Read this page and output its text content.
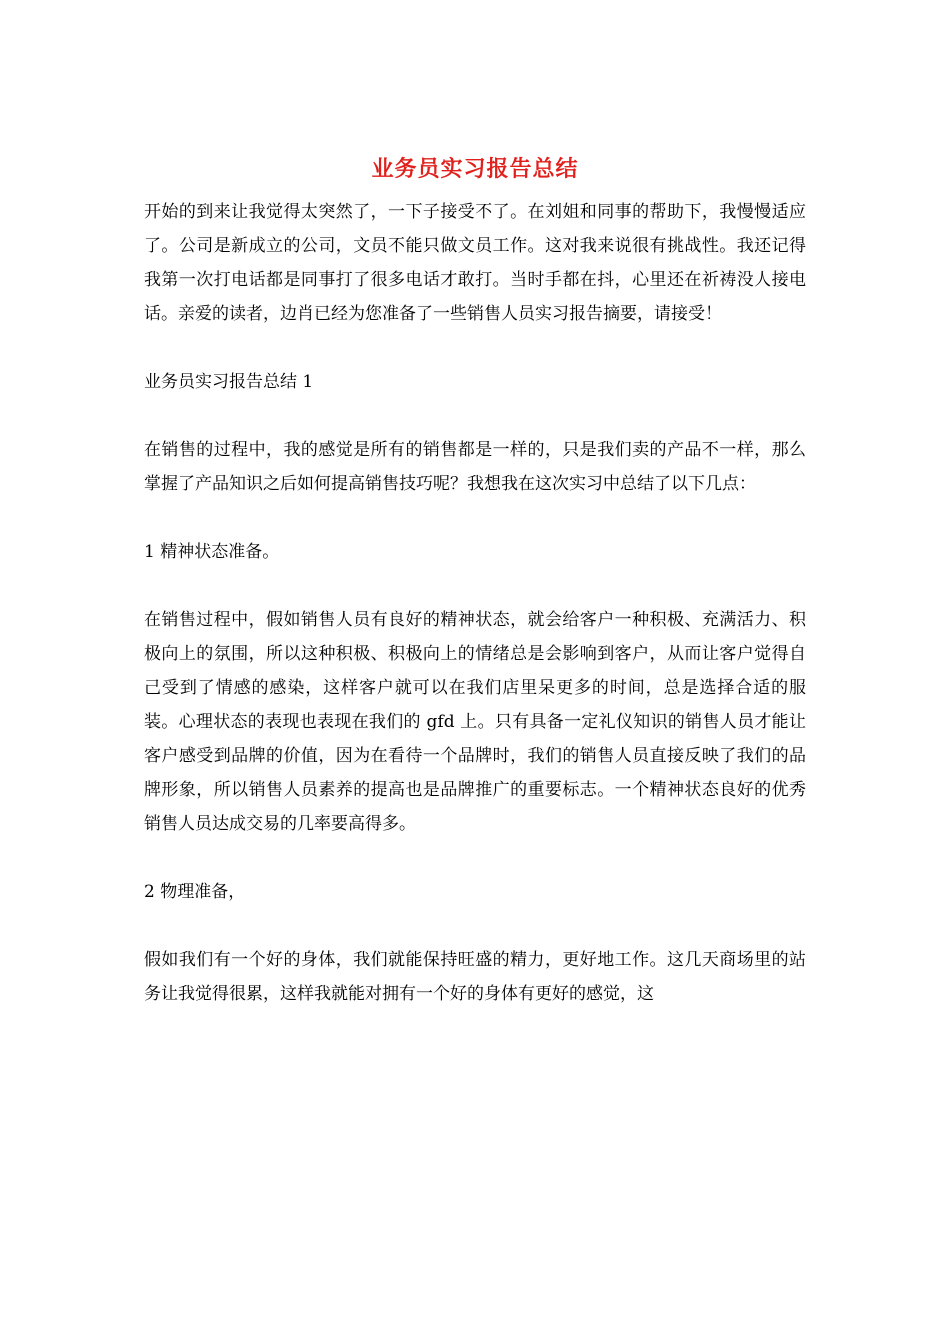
业务员实习报告总结

开始的到来让我觉得太突然了，一下子接受不了。在刘姐和同事的帮助下，我慢慢适应了。公司是新成立的公司，文员不能只做文员工作。这对我来说很有挑战性。我还记得我第一次打电话都是同事打了很多电话才敢打。当时手都在抖，心里还在祈祷没人接电话。亲爱的读者，边肖已经为您准备了一些销售人员实习报告摘要，请接受！

业务员实习报告总结 1

在销售的过程中，我的感觉是所有的销售都是一样的，只是我们卖的产品不一样，那么掌握了产品知识之后如何提高销售技巧呢？我想我在这次实习中总结了以下几点：

1 精神状态准备。

在销售过程中，假如销售人员有良好的精神状态，就会给客户一种积极、充满活力、积极向上的氛围，所以这种积极、积极向上的情绪总是会影响到客户，从而让客户觉得自己受到了情感的感染，这样客户就可以在我们店里呆更多的时间，总是选择合适的服装。心理状态的表现也表现在我们的 gfd 上。只有具备一定礼仪知识的销售人员才能让客户感受到品牌的价值，因为在看待一个品牌时，我们的销售人员直接反映了我们的品牌形象，所以销售人员素养的提高也是品牌推广的重要标志。一个精神状态良好的优秀销售人员达成交易的几率要高得多。

2 物理准备，

假如我们有一个好的身体，我们就能保持旺盛的精力，更好地工作。这几天商场里的站务让我觉得很累，这样我就能对拥有一个好的身体有更好的感觉，这
